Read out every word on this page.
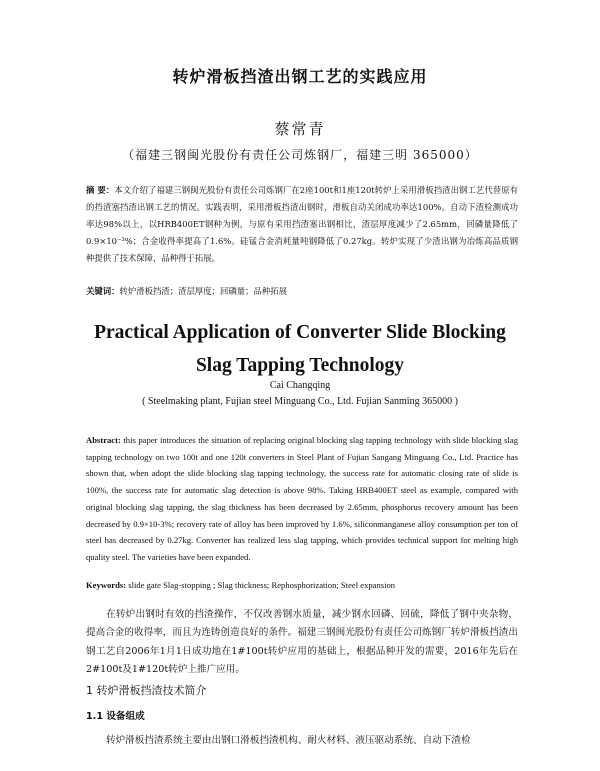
转炉滑板挡渣出钢工艺的实践应用
蔡常青
（福建三钢闽光股份有责任公司炼钢厂，福建三明 365000）
摘 要：本文介绍了福建三钢闽光股份有责任公司炼钢厂在2座100t和1座120t转炉上采用滑板挡渣出钢工艺代替原有的挡渣塞挡渣出钢工艺的情况。实践表明，采用滑板挡渣出钢时，滑板自动关闭成功率达100%。自动下渣检测成功率达98%以上，以HRB400ET钢种为例，与原有采用挡渣塞出钢相比，渣层厚度减少了2.65mm，回磷量降低了0.9×10⁻³%；合金收得率提高了1.6%。硅锰合金消耗量吨钢降低了0.27kg。转炉实现了少渣出钢为冶炼高品质钢种提供了技术保障，品种得于拓展。
关键词：转炉滑板挡渣；渣层厚度；回磷量；品种拓展
Practical Application of Converter Slide Blocking
Slag Tapping Technology
Cai Changqing
( Steelmaking plant, Fujian steel Minguang Co., Ltd. Fujian Sanming 365000 )
Abstract: this paper introduces the situation of replacing original blocking slag tapping technology with slide blocking slag tapping technology on two 100t and one 120t converters in Steel Plant of Fujian Sangang Minguang Co., Ltd. Practice has shown that, when adopt the slide blocking slag tapping technology, the success rate for automatic closing rate of slide is 100%, the success rate for automatic slag detection is above 98%. Taking HRB400ET steel as example, compared with original blocking slag tapping, the slag thickness has been decreased by 2.65mm, phosphorus recovery amount has been decreased by 0.9×10-3%; recovery rate of alloy has been improved by 1.6%, siliconmanganese alloy consumption per ton of steel has decreased by 0.27kg. Converter has realized less slag tapping, which provides technical support for melting high quality steel. The varieties have been expanded.
Keywords: slide gate Slag-stopping ; Slag thickness; Rephosphorization; Steel expansion
在转炉出钢时有效的挡渣操作，不仅改善钢水质量，减少钢水回磷、回硫，降低了钢中夹杂物，提高合金的收得率，而且为连铸创造良好的条件。福建三钢闽光股份有责任公司炼钢厂转炉滑板挡渣出钢工艺自2006年1月1日成功地在1#100t转炉应用的基础上，根据品种开发的需要，2016年先后在2#100t及1#120t转炉上推广应用。
1 转炉滑板挡渣技术简介
1.1 设备组成
转炉滑板挡渣系统主要由出钢口滑板挡渣机构、耐火材料、液压驱动系统、自动下渣检
